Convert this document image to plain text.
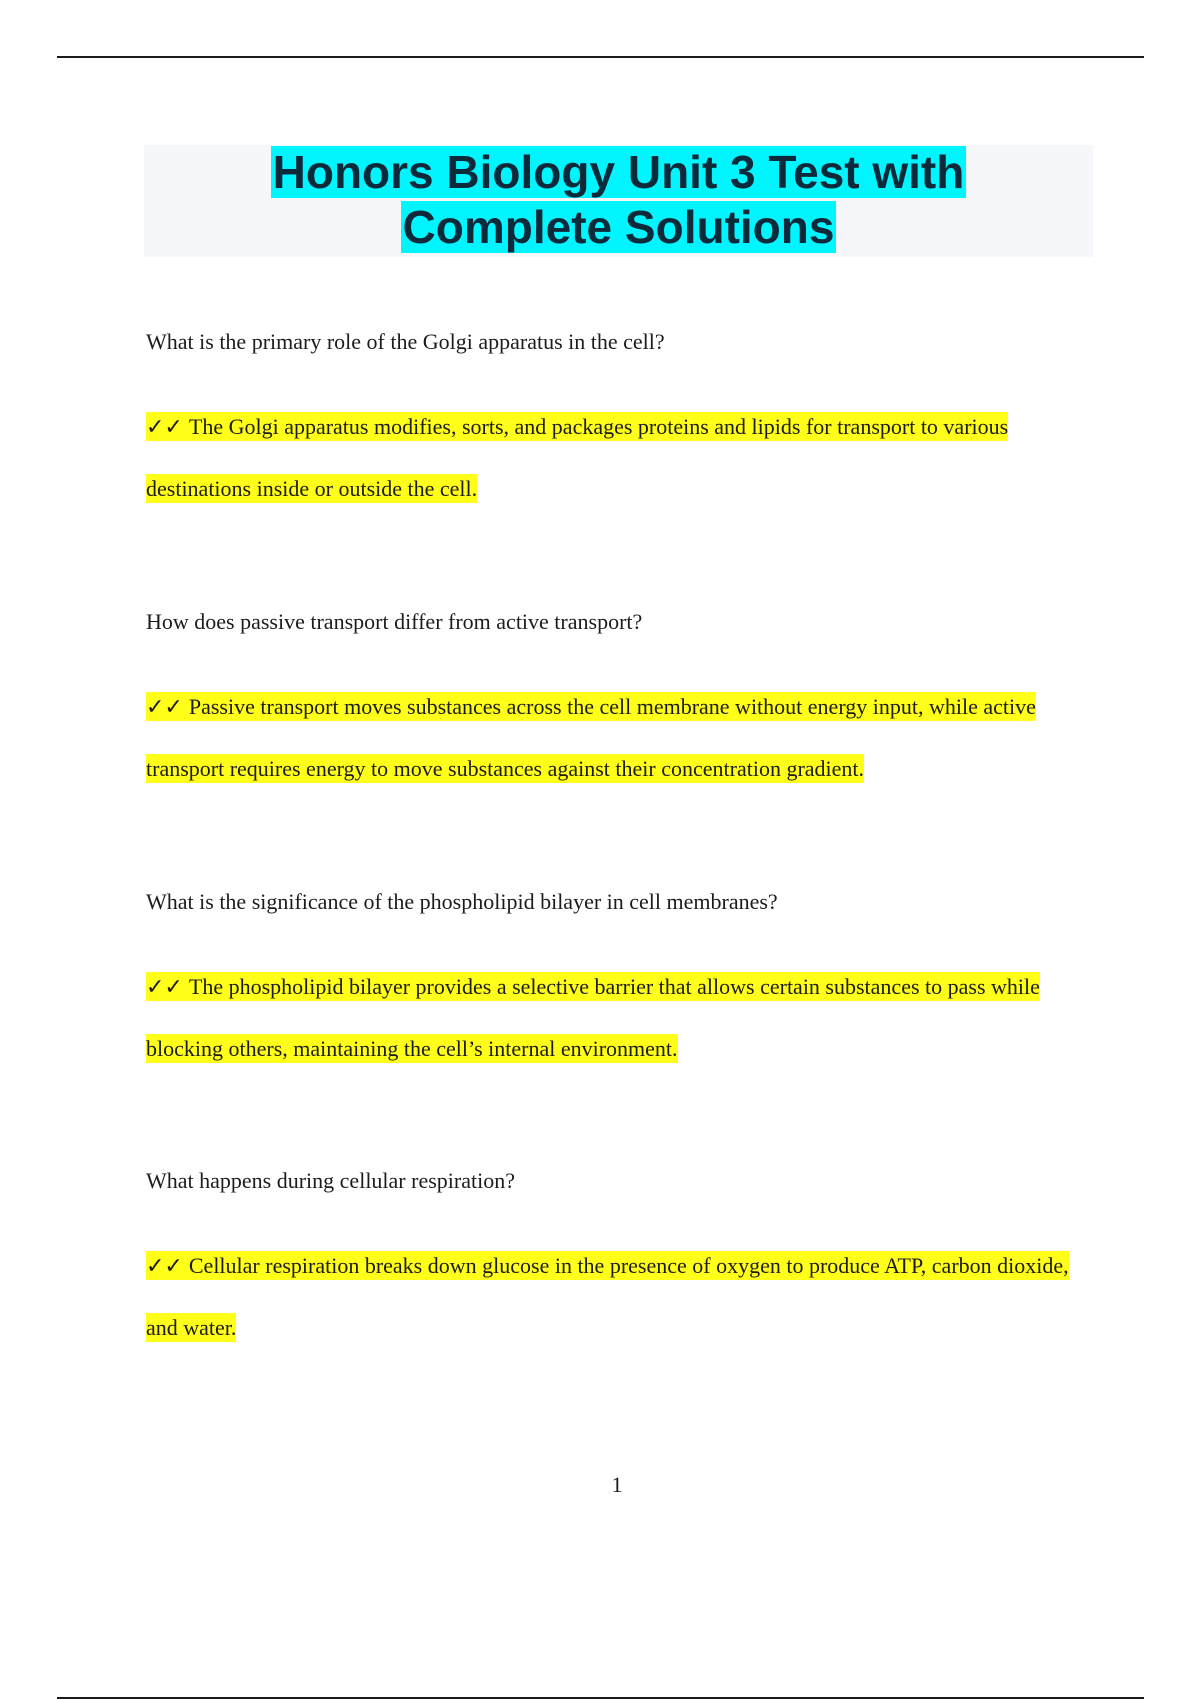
Honors Biology Unit 3 Test with
Complete Solutions

What is the primary role of the Golgi apparatus in the cell?

✓✓ The Golgi apparatus modifies, sorts, and packages proteins and lipids for transport to various destinations inside or outside the cell.

How does passive transport differ from active transport?

✓✓ Passive transport moves substances across the cell membrane without energy input, while active transport requires energy to move substances against their concentration gradient.

What is the significance of the phospholipid bilayer in cell membranes?

✓✓ The phospholipid bilayer provides a selective barrier that allows certain substances to pass while blocking others, maintaining the cell’s internal environment.

What happens during cellular respiration?

✓✓ Cellular respiration breaks down glucose in the presence of oxygen to produce ATP, carbon dioxide, and water.

1
